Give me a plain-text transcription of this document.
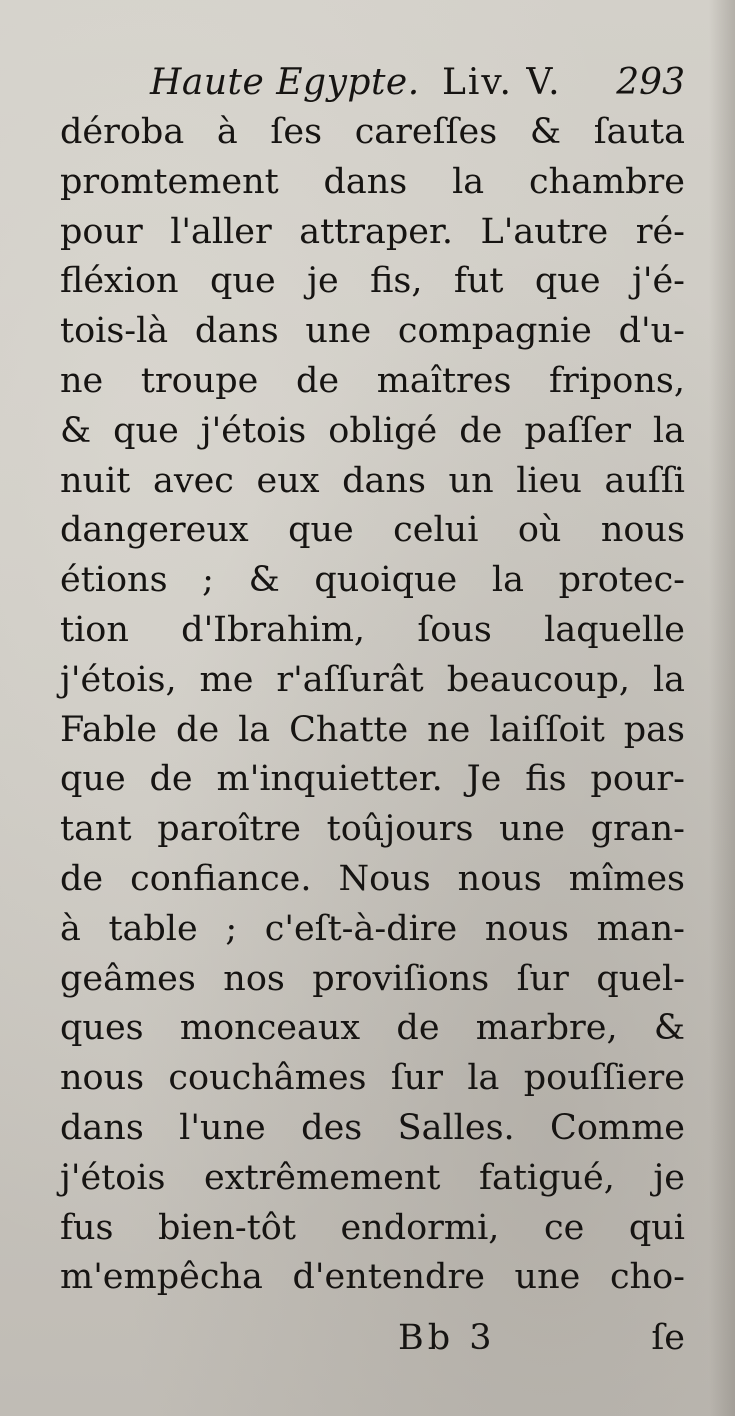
Haute Egypte. Liv. V. 293
déroba à ſes careſſes & ſauta
promtement dans la chambre
pour l'aller attraper. L'autre ré-
fléxion que je fis, fut que j'é-
tois-là dans une compagnie d'u-
ne troupe de maîtres fripons,
& que j'étois obligé de paſſer la
nuit avec eux dans un lieu auſſi
dangereux que celui où nous
étions ; & quoique la protec-
tion d'Ibrahim, ſous laquelle
j'étois, me r'aſſurât beaucoup, la
Fable de la Chatte ne laiſſoit pas
que de m'inquietter. Je fis pour-
tant paroître toûjours une gran-
de confiance. Nous nous mîmes
à table ; c'eſt-à-dire nous man-
geâmes nos proviſions ſur quel-
ques monceaux de marbre, &
nous couchâmes ſur la pouſſiere
dans l'une des Salles. Comme
j'étois extrêmement fatigué, je
fus bien-tôt endormi, ce qui
m'empêcha d'entendre une cho-
Bb 3	ſe
